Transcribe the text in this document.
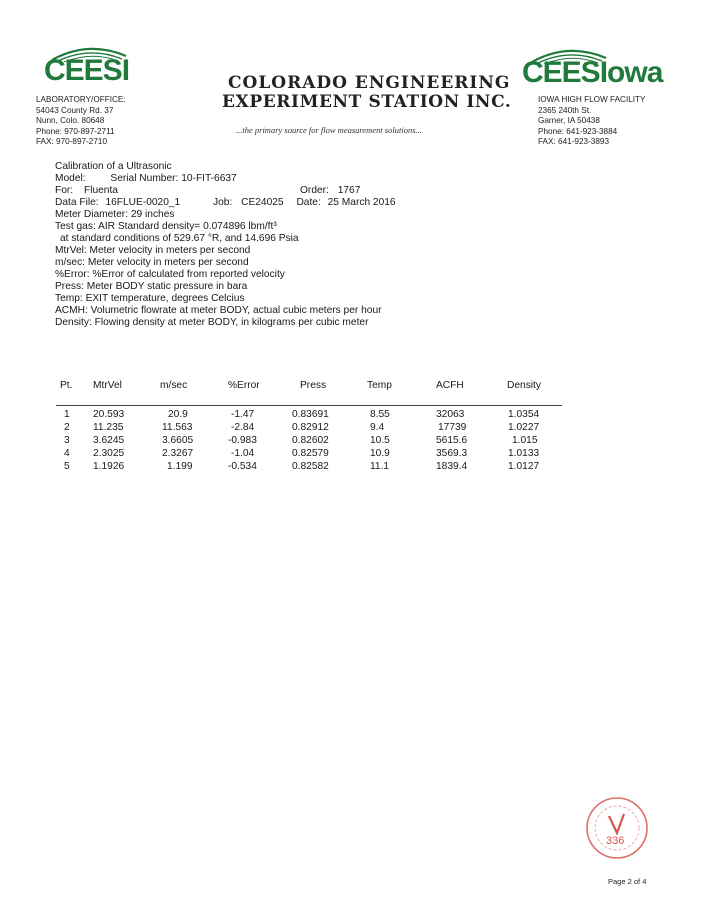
CEESI
LABORATORY/OFFICE:
54043 County Rd. 37
Nunn, Colo. 80648
Phone: 970-897-2711
FAX: 970-897-2710
COLORADO ENGINEERING
EXPERIMENT STATION INC.
...the primary source for flow measurement solutions...
CEESIowa
IOWA HIGH FLOW FACILITY
2365 240th St.
Garner, IA 50438
Phone: 641-923-3884
FAX: 641-923-3893
Calibration of a Ultrasonic
Model: Serial Number: 10-FIT-6637
For: Fluenta	Order: 1767
Data File: 16FLUE-0020_1	Job: CE24025 Date: 25 March 2016
Meter Diameter: 29 inches
Test gas: AIR Standard density= 0.074896 lbm/ft³
at standard conditions of 529.67 °R, and 14.696 Psia
MtrVel: Meter velocity in meters per second
m/sec: Meter velocity in meters per second
%Error: %Error of calculated from reported velocity
Press: Meter BODY static pressure in bara
Temp: EXIT temperature, degrees Celcius
ACMH: Volumetric flowrate at meter BODY, actual cubic meters per hour
Density: Flowing density at meter BODY, in kilograms per cubic meter
Pt. MtrVel	m/sec	%Error	Press	Temp	ACFH	Density
1 20.593	20.9	-1.47	0.83691	8.55	32063	1.0354
2 11.235	11.563	-2.84	0.82912	9.4	17739	1.0227
3 3.6245	3.6605	-0.983	0.82602	10.5	5615.6	1.015
4 2.3025	2.3267	-1.04	0.82579	10.9	3569.3	1.0133
5 1.1926	1.199	-0.534	0.82582	11.1	1839.4	1.0127
336
Page 2 of 4
